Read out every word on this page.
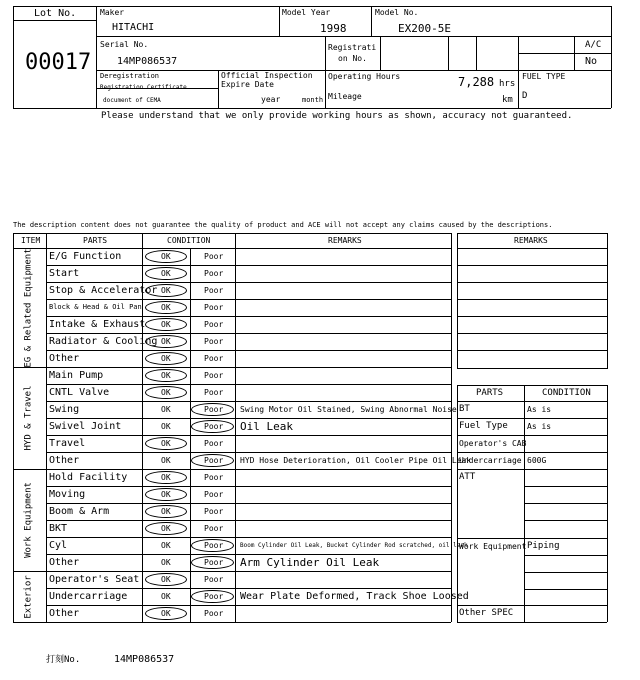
Lot No.
00017
Maker
HITACHI
Model Year
1998
Model No.
EX200-5E
Serial No.
14MP086537
Registrati
on No.
A/C
No
Deregistration
Registration Certificate
document of CEMA
Official Inspection
Expire Date
year	month
Operating Hours	7,288 hrs
Mileage	km
FUEL TYPE
D
Please understand that we only provide working hours as shown, accuracy not guaranteed.
The description content does not guarantee the quality of product and ACE will not accept any claims caused by the descriptions.
ITEM	PARTS	CONDITION	REMARKS
EG & Related Equipment E/G Function	OK	Poor
Start	OK	Poor
Stop & Accelerator OK	Poor
Block & Head & Oil Pan OK	Poor
Intake & Exhaust OK	Poor
Radiator & Cooling OK	Poor
Other	OK	Poor
HYD & Travel
Main Pump	OK	Poor
CNTL Valve	OK	Poor
Swing	OK	Poor Swing Motor Oil Stained, Swing Abnormal Noise
Swivel Joint	OK	Poor Oil Leak
Travel	OK	Poor
Other	OK	Poor HYD Hose Deterioration, Oil Cooler Pipe Oil Leak
Work Equipment
Hold Facility	OK	Poor
Moving	OK	Poor
Boom & Arm	OK	Poor
BKT	OK	Poor
Cyl	OK	Poor	Boom Cylinder Oil Leak, Bucket Cylinder Rod scratched, oil leak
Other	OK	Poor Arm Cylinder Oil Leak
Exterior Operator's Seat	OK	Poor
Undercarriage	OK	Poor Wear Plate Deformed, Track Shoe Loosed
Other	OK	Poor
REMARKS
PARTS	CONDITION
BT	As is
Fuel Type As is
Operator's CAB
Undercarriage 600G
ATT
Work Equipment Piping
Other SPEC
打刻No.	14MP086537
